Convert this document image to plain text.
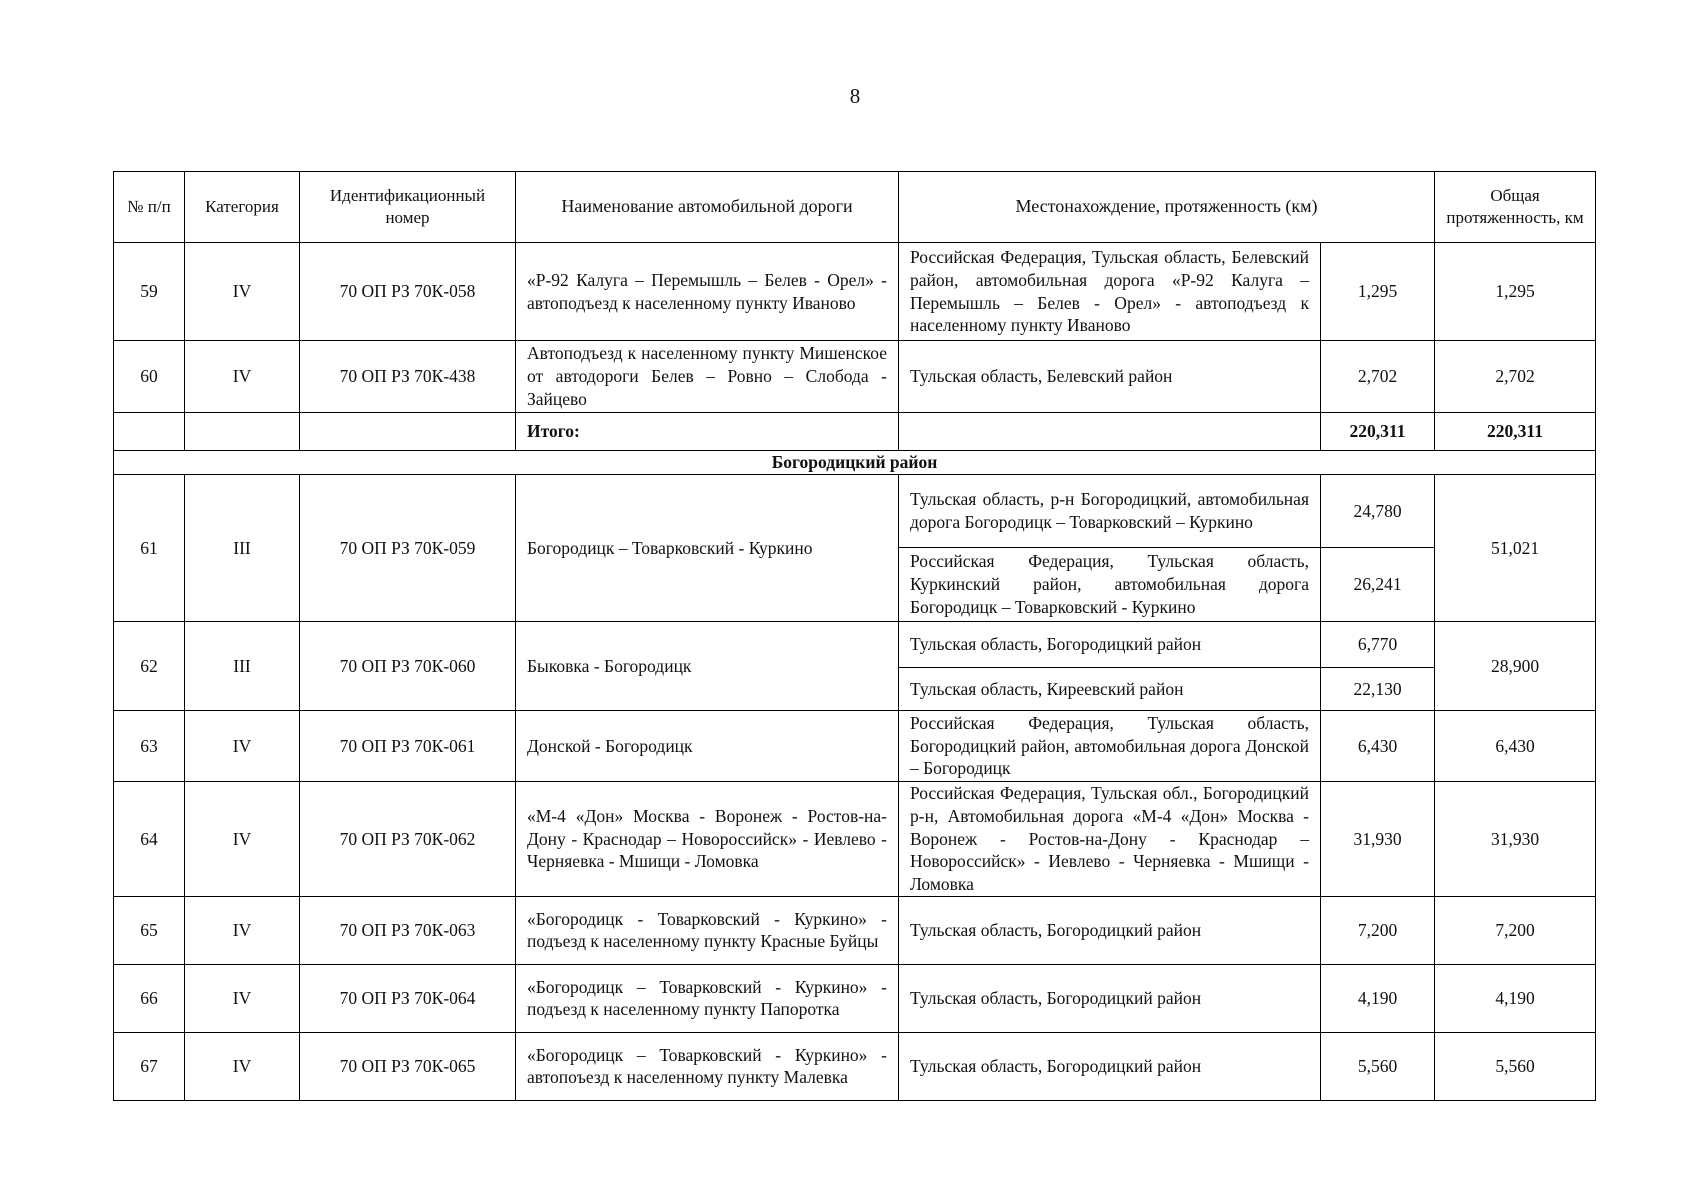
8
№ п/п	Категория	Идентификационный номер	Наименование автомобильной дороги	Местонахождение, протяженность (км)		Общая протяженность, км
59	IV	70 ОП РЗ 70К-058	«Р-92 Калуга – Перемышль – Белев - Орел» - автоподъезд к населенному пункту Иваново	Российская Федерация, Тульская область, Белевский район, автомобильная дорога «Р-92 Калуга – Перемышль – Белев - Орел» - автоподъезд к населенному пункту Иваново	1,295	1,295
60	IV	70 ОП РЗ 70К-438	Автоподъезд к населенному пункту Мишенское от автодороги Белев – Ровно – Слобода - Зайцево	Тульская область, Белевский район	2,702	2,702
			Итого:		220,311	220,311
Богородицкий район						
61	III	70 ОП РЗ 70К-059	Богородицк – Товарковский - Куркино	Тульская область, р-н Богородицкий, автомобильная дорога Богородицк – Товарковский – Куркино	24,780	51,021
				Российская Федерация, Тульская область, Куркинский район, автомобильная дорога Богородицк – Товарковский - Куркино	26,241	
62	III	70 ОП РЗ 70К-060	Быковка - Богородицк	Тульская область, Богородицкий район	6,770	28,900
				Тульская область, Киреевский район	22,130	
63	IV	70 ОП РЗ 70К-061	Донской - Богородицк	Российская Федерация, Тульская область, Богородицкий район, автомобильная дорога Донской – Богородицк	6,430	6,430
64	IV	70 ОП РЗ 70К-062	«М-4 «Дон» Москва - Воронеж - Ростов-на-Дону - Краснодар – Новороссийск» - Иевлево - Черняевка - Мшищи - Ломовка	Российская Федерация, Тульская обл., Богородицкий р-н, Автомобильная дорога «М-4 «Дон» Москва - Воронеж - Ростов-на-Дону - Краснодар – Новороссийск» - Иевлево - Черняевка - Мшищи - Ломовка	31,930	31,930
65	IV	70 ОП РЗ 70К-063	«Богородицк - Товарковский - Куркино» - подъезд к населенному пункту Красные Буйцы	Тульская область, Богородицкий район	7,200	7,200
66	IV	70 ОП РЗ 70К-064	«Богородицк – Товарковский - Куркино» - подъезд к населенному пункту Папоротка	Тульская область, Богородицкий район	4,190	4,190
67	IV	70 ОП РЗ 70К-065	«Богородицк – Товарковский - Куркино» - автопоъезд к населенному пункту Малевка	Тульская область, Богородицкий район	5,560	5,560
